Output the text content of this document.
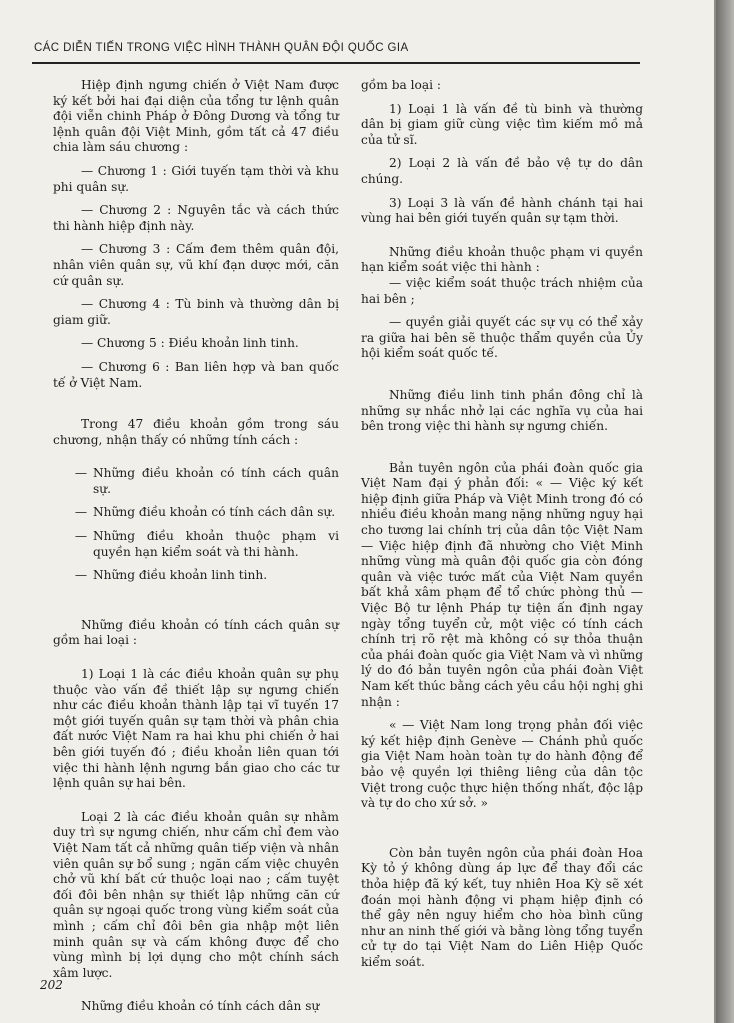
CÁC DIỄN TIẾN TRONG VIỆC HÌNH THÀNH QUÂN ĐỘI QUỐC GIA

Hiệp định ngưng chiến ở Việt Nam được ký kết bởi hai đại diện của tổng tư lệnh quân đội viễn chinh Pháp ở Đông Dương và tổng tư lệnh quân đội Việt Minh, gồm tất cả 47 điều chia làm sáu chương :

— Chương 1 : Giới tuyến tạm thời và khu phi quân sự.

— Chương 2 : Nguyên tắc và cách thức thi hành hiệp định này.

— Chương 3 : Cấm đem thêm quân đội, nhân viên quân sự, vũ khí đạn dược mới, căn cứ quân sự.

— Chương 4 : Tù binh và thường dân bị giam giữ.

— Chương 5 : Điều khoản linh tinh.

— Chương 6 : Ban liên hợp và ban quốc tế ở Việt Nam.

Trong 47 điều khoản gồm trong sáu chương, nhận thấy có những tính cách :

— Những điều khoản có tính cách quân sự.
— Những điều khoản có tính cách dân sự.
— Những điều khoản thuộc phạm vi quyền hạn kiểm soát và thi hành.
— Những điều khoản linh tinh.

Những điều khoản có tính cách quân sự gồm hai loại :

1) Loại 1 là các điều khoản quân sự phụ thuộc vào vấn đề thiết lập sự ngưng chiến như các điều khoản thành lập tại vĩ tuyến 17 một giới tuyến quân sự tạm thời và phân chia đất nước Việt Nam ra hai khu phi chiến ở hai bên giới tuyến đó ; điều khoản liên quan tới việc thi hành lệnh ngưng bắn giao cho các tư lệnh quân sự hai bên.

Loại 2 là các điều khoản quân sự nhằm duy trì sự ngưng chiến, như cấm chỉ đem vào Việt Nam tất cả những quân tiếp viện và nhân viên quân sự bổ sung ; ngăn cấm việc chuyên chở vũ khí bất cứ thuộc loại nao ; cấm tuyệt đối đôi bên nhận sự thiết lập những căn cứ quân sự ngoại quốc trong vùng kiểm soát của mình ; cấm chỉ đôi bên gia nhập một liên minh quân sự và cấm không được để cho vùng mình bị lợi dụng cho một chính sách xâm lược.

Những điều khoản có tính cách dân sự

gồm ba loại :

1) Loại 1 là vấn đề tù binh và thường dân bị giam giữ cùng việc tìm kiếm mồ mả của tử sĩ.

2) Loại 2 là vấn đề bảo vệ tự do dân chúng.

3) Loại 3 là vấn đề hành chánh tại hai vùng hai bên giới tuyến quân sự tạm thời.

Những điều khoản thuộc phạm vi quyền hạn kiểm soát việc thi hành :

— việc kiểm soát thuộc trách nhiệm của hai bên ;

— quyền giải quyết các sự vụ có thể xảy ra giữa hai bên sẽ thuộc thẩm quyền của Ủy hội kiểm soát quốc tế.

Những điều linh tinh phần đông chỉ là những sự nhắc nhở lại các nghĩa vụ của hai bên trong việc thi hành sự ngưng chiến.

Bản tuyên ngôn của phái đoàn quốc gia Việt Nam đại ý phản đối: « — Việc ký kết hiệp định giữa Pháp và Việt Minh trong đó có nhiều điều khoản mang nặng những nguy hại cho tương lai chính trị của dân tộc Việt Nam — Việc hiệp định đã nhường cho Việt Minh những vùng mà quân đội quốc gia còn đóng quân và việc tước mất của Việt Nam quyền bất khả xâm phạm để tổ chức phòng thủ — Việc Bộ tư lệnh Pháp tự tiện ấn định ngay ngày tổng tuyển cử, một việc có tính cách chính trị rõ rệt mà không có sự thỏa thuận của phái đoàn quốc gia Việt Nam và vì những lý do đó bản tuyên ngôn của phái đoàn Việt Nam kết thúc bằng cách yêu cầu hội nghị ghi nhận :

« — Việt Nam long trọng phản đối việc ký kết hiệp định Genève — Chánh phủ quốc gia Việt Nam hoàn toàn tự do hành động để bảo vệ quyền lợi thiêng liêng của dân tộc Việt trong cuộc thực hiện thống nhất, độc lập và tự do cho xứ sở. »

Còn bản tuyên ngôn của phái đoàn Hoa Kỳ tỏ ý không dùng áp lực để thay đổi các thỏa hiệp đã ký kết, tuy nhiên Hoa Kỳ sẽ xét đoán mọi hành động vi phạm hiệp định có thể gây nên nguy hiểm cho hòa bình cũng như an ninh thế giới và bằng lòng tổng tuyển cử tự do tại Việt Nam do Liên Hiệp Quốc kiểm soát.

202
